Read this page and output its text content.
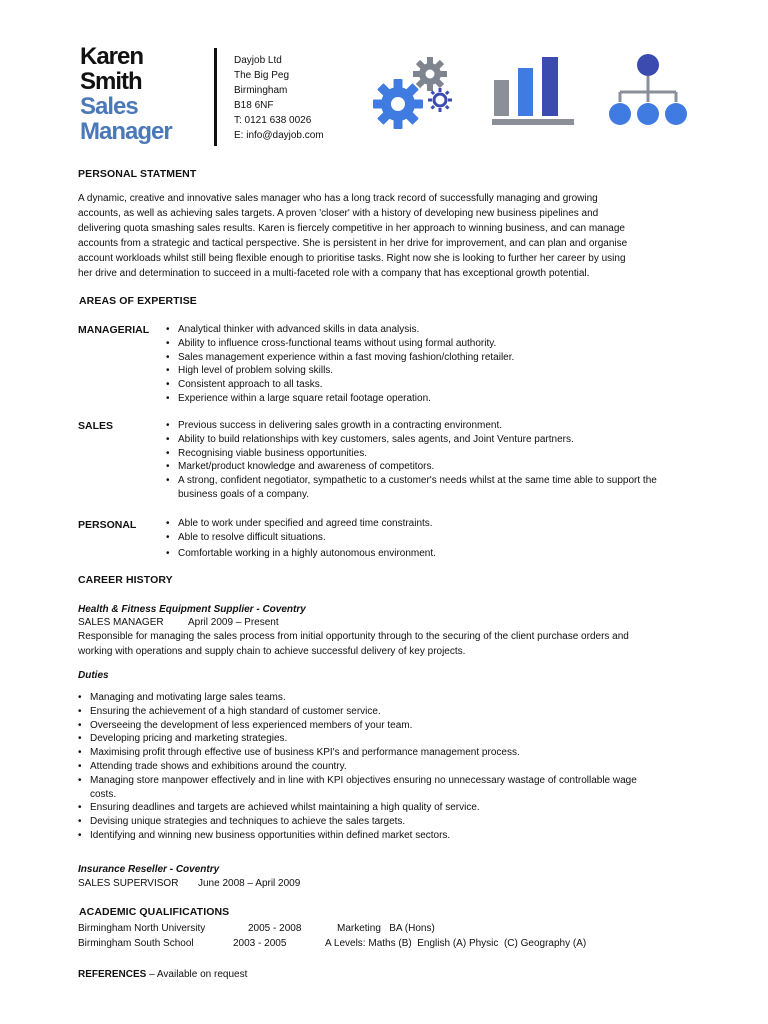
Karen
Smith
Sales
Manager
Dayjob Ltd
The Big Peg
Birmingham
B18 6NF
T: 0121 638 0026
E: info@dayjob.com
PERSONAL STATMENT
A dynamic, creative and innovative sales manager who has a long track record of successfully managing and growing
accounts, as well as achieving sales targets. A proven 'closer' with a history of developing new business pipelines and
delivering quota smashing sales results. Karen is fiercely competitive in her approach to winning business, and can manage
accounts from a strategic and tactical perspective. She is persistent in her drive for improvement, and can plan and organise
account workloads whilst still being flexible enough to prioritise tasks. Right now she is looking to further her career by using
her drive and determination to succeed in a multi-faceted role with a company that has exceptional growth potential.
AREAS OF EXPERTISE
MANAGERIAL	• Analytical thinker with advanced skills in data analysis.
• Ability to influence cross-functional teams without using formal authority.
• Sales management experience within a fast moving fashion/clothing retailer.
• High level of problem solving skills.
• Consistent approach to all tasks.
• Experience within a large square retail footage operation.
SALES	• Previous success in delivering sales growth in a contracting environment.
• Ability to build relationships with key customers, sales agents, and Joint Venture partners.
• Recognising viable business opportunities.
• Market/product knowledge and awareness of competitors.
• A strong, confident negotiator, sympathetic to a customer's needs whilst at the same time able to support the business goals of a company.
PERSONAL	• Able to work under specified and agreed time constraints.
• Able to resolve difficult situations.
• Comfortable working in a highly autonomous environment.
CAREER HISTORY
Health & Fitness Equipment Supplier - Coventry
SALES MANAGER April 2009 – Present
Responsible for managing the sales process from initial opportunity through to the securing of the client purchase orders and
working with operations and supply chain to achieve successful delivery of key projects.
Duties
• Managing and motivating large sales teams.
• Ensuring the achievement of a high standard of customer service.
• Overseeing the development of less experienced members of your team.
• Developing pricing and marketing strategies.
• Maximising profit through effective use of business KPI's and performance management process.
• Attending trade shows and exhibitions around the country.
• Managing store manpower effectively and in line with KPI objectives ensuring no unnecessary wastage of controllable wage costs.
• Ensuring deadlines and targets are achieved whilst maintaining a high quality of service.
• Devising unique strategies and techniques to achieve the sales targets.
• Identifying and winning new business opportunities within defined market sectors.
Insurance Reseller - Coventry
SALES SUPERVISOR June 2008 – April 2009
ACADEMIC QUALIFICATIONS
Birmingham North University	2005 - 2008	Marketing   BA (Hons)
Birmingham South School	2003 - 2005	A Levels: Maths (B)  English (A) Physic  (C) Geography (A)
REFERENCES – Available on request
